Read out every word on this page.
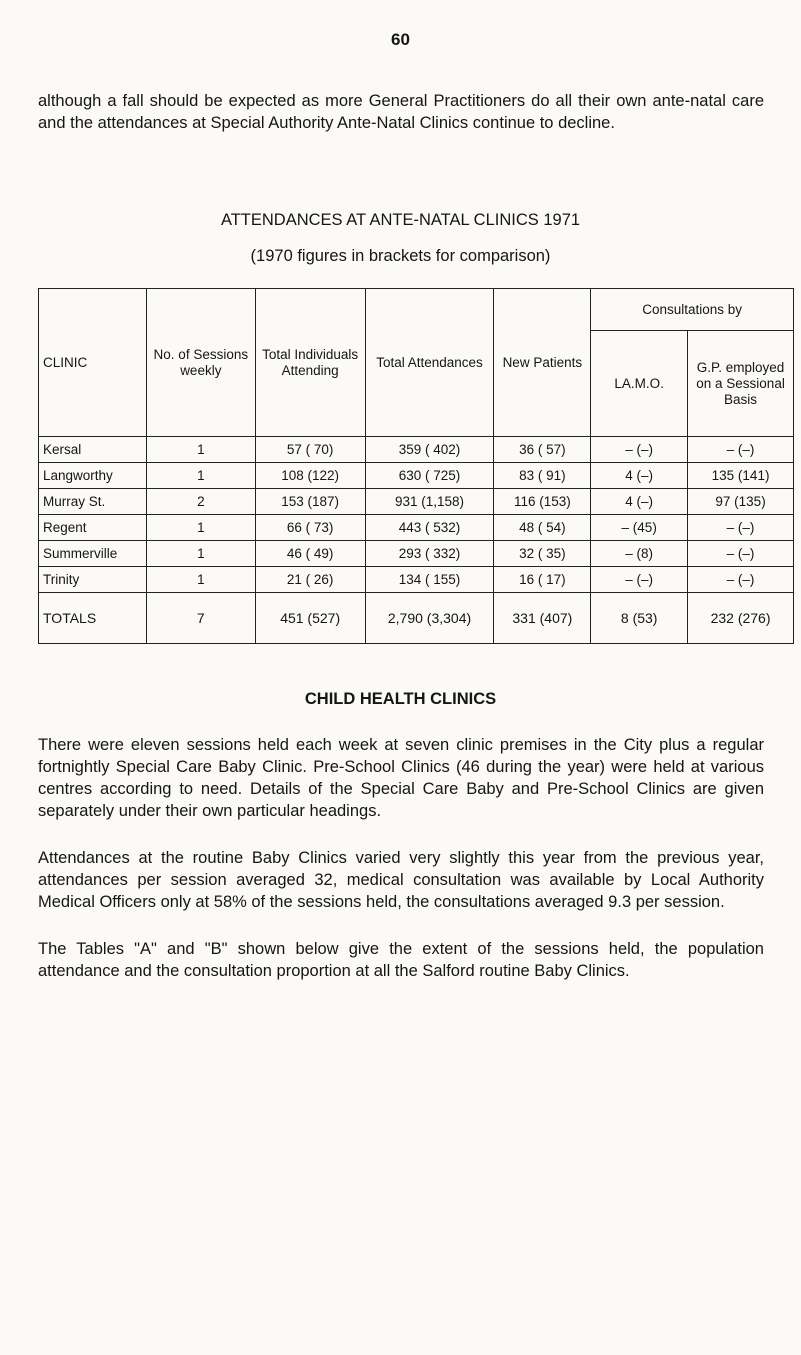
60

although a fall should be expected as more General Practitioners do all their own ante-natal care and the attendances at Special Authority Ante-Natal Clinics continue to decline.

ATTENDANCES AT ANTE-NATAL CLINICS 1971

(1970 figures in brackets for comparison)

CLINIC	No. of Sessions weekly	Total Individuals Attending	Total Attendances	New Patients	Consultations by	
					LA.M.O.	G.P. employed on a Sessional Basis
Kersal	1	57 ( 70)	359 ( 402)	36 ( 57)	– (–)	– (–)
Langworthy	1	108 (122)	630 ( 725)	83 ( 91)	4 (–)	135 (141)
Murray St.	2	153 (187)	931 (1,158)	116 (153)	4 (–)	97 (135)
Regent	1	66 ( 73)	443 ( 532)	48 ( 54)	– (45)	– (–)
Summerville	1	46 ( 49)	293 ( 332)	32 ( 35)	– (8)	– (–)
Trinity	1	21 ( 26)	134 ( 155)	16 ( 17)	– (–)	– (–)
TOTALS	7	451 (527)	2,790 (3,304)	331 (407)	8 (53)	232 (276)

CHILD HEALTH CLINICS

There were eleven sessions held each week at seven clinic premises in the City plus a regular fortnightly Special Care Baby Clinic. Pre-School Clinics (46 during the year) were held at various centres according to need. Details of the Special Care Baby and Pre-School Clinics are given separately under their own particular headings.

Attendances at the routine Baby Clinics varied very slightly this year from the previous year, attendances per session averaged 32, medical consultation was available by Local Authority Medical Officers only at 58% of the sessions held, the consultations averaged 9.3 per session.

The Tables "A" and "B" shown below give the extent of the sessions held, the population attendance and the consultation proportion at all the Salford routine Baby Clinics.
